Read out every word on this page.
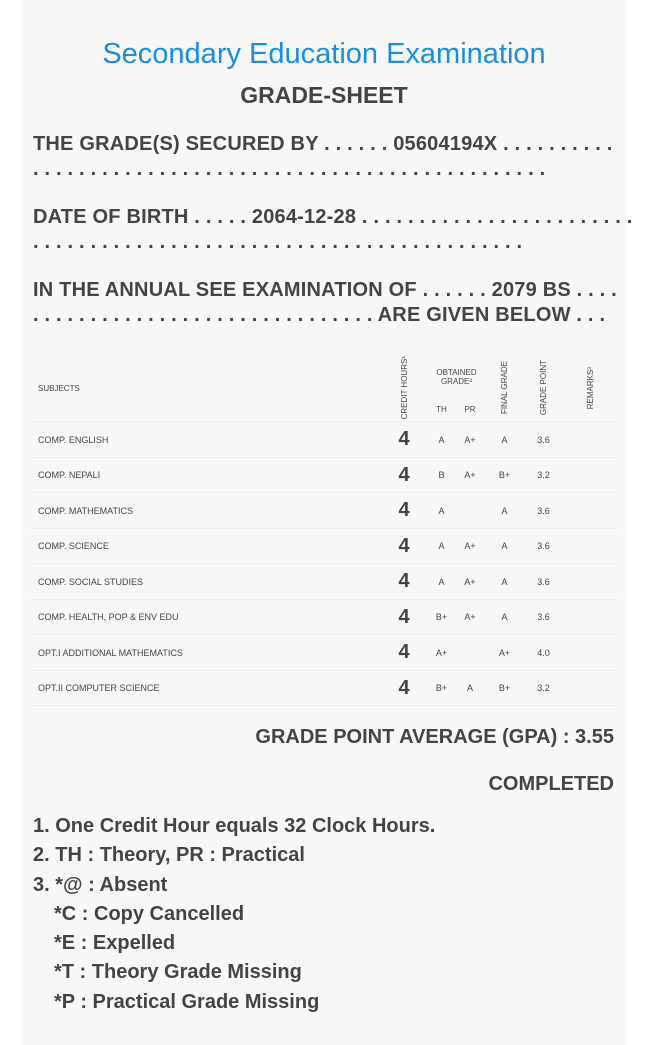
Secondary Education Examination
GRADE-SHEET
THE GRADE(S) SECURED BY . . . . . . 05604194X . . . . . . . . . .
. . . . . . . . . . . . . . . . . . . . . . . . . . . . . . . . . . . . . . . . . . . . .
DATE OF BIRTH . . . . . 2064-12-28 . . . . . . . . . . . . . . . . . . . . . . . .
. . . . . . . . . . . . . . . . . . . . . . . . . . . . . . . . . . . . . . . . . . .
IN THE ANNUAL SEE EXAMINATION OF . . . . . . 2079 BS . . . .
. . . . . . . . . . . . . . . . . . . . . . . . . . . . . . ARE GIVEN BELOW . . .
SUBJECTS	CREDIT HOURS¹	OBTAINED GRADE²		FINAL GRADE	GRADE POINT	REMARKS³
		TH	PR			
COMP. ENGLISH	4	A	A+	A	3.6	
COMP. NEPALI	4	B	A+	B+	3.2	
COMP. MATHEMATICS	4	A		A	3.6	
COMP. SCIENCE	4	A	A+	A	3.6	
COMP. SOCIAL STUDIES	4	A	A+	A	3.6	
COMP. HEALTH, POP & ENV EDU	4	B+	A+	A	3.6	
OPT.I ADDITIONAL MATHEMATICS	4	A+		A+	4.0	
OPT.II COMPUTER SCIENCE	4	B+	A	B+	3.2	
GRADE POINT AVERAGE (GPA) : 3.55
COMPLETED
1. One Credit Hour equals 32 Clock Hours.
2. TH : Theory, PR : Practical
3. *@ : Absent
*C : Copy Cancelled
*E : Expelled
*T : Theory Grade Missing
*P : Practical Grade Missing
